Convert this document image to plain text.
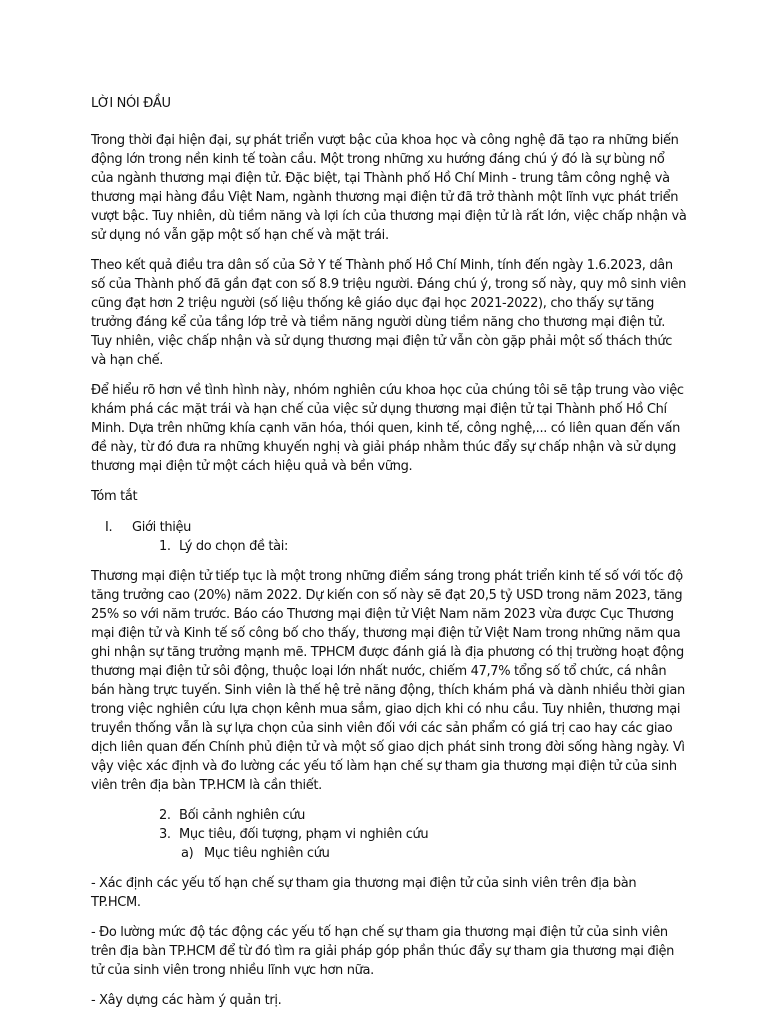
LỜI NÓI ĐẦU

Trong thời đại hiện đại, sự phát triển vượt bậc của khoa học và công nghệ đã tạo ra những biến động lớn trong nền kinh tế toàn cầu. Một trong những xu hướng đáng chú ý đó là sự bùng nổ của ngành thương mại điện tử. Đặc biệt, tại Thành phố Hồ Chí Minh - trung tâm công nghệ và thương mại hàng đầu Việt Nam, ngành thương mại điện tử đã trở thành một lĩnh vực phát triển vượt bậc. Tuy nhiên, dù tiềm năng và lợi ích của thương mại điện tử là rất lớn, việc chấp nhận và sử dụng nó vẫn gặp một số hạn chế và mặt trái.

Theo kết quả điều tra dân số của Sở Y tế Thành phố Hồ Chí Minh, tính đến ngày 1.6.2023, dân số của Thành phố đã gần đạt con số 8.9 triệu người. Đáng chú ý, trong số này, quy mô sinh viên cũng đạt hơn 2 triệu người (số liệu thống kê giáo dục đại học 2021-2022), cho thấy sự tăng trưởng đáng kể của tầng lớp trẻ và tiềm năng người dùng tiềm năng cho thương mại điện tử. Tuy nhiên, việc chấp nhận và sử dụng thương mại điện tử vẫn còn gặp phải một số thách thức và hạn chế.

Để hiểu rõ hơn về tình hình này, nhóm nghiên cứu khoa học của chúng tôi sẽ tập trung vào việc khám phá các mặt trái và hạn chế của việc sử dụng thương mại điện tử tại Thành phố Hồ Chí Minh. Dựa trên những khía cạnh văn hóa, thói quen, kinh tế, công nghệ,... có liên quan đến vấn đề này, từ đó đưa ra những khuyến nghị và giải pháp nhằm thúc đẩy sự chấp nhận và sử dụng thương mại điện tử một cách hiệu quả và bền vững.

Tóm tắt
I. Giới thiệu
1. Lý do chọn đề tài:

Thương mại điện tử tiếp tục là một trong những điểm sáng trong phát triển kinh tế số với tốc độ tăng trưởng cao (20%) năm 2022. Dự kiến con số này sẽ đạt 20,5 tỷ USD trong năm 2023, tăng 25% so với năm trước. Báo cáo Thương mại điện tử Việt Nam năm 2023 vừa được Cục Thương mại điện tử và Kinh tế số công bố cho thấy, thương mại điện tử Việt Nam trong những năm qua ghi nhận sự tăng trưởng mạnh mẽ. TPHCM được đánh giá là địa phương có thị trường hoạt động thương mại điện tử sôi động, thuộc loại lớn nhất nước, chiếm 47,7% tổng số tổ chức, cá nhân bán hàng trực tuyến. Sinh viên là thế hệ trẻ năng động, thích khám phá và dành nhiều thời gian trong việc nghiên cứu lựa chọn kênh mua sắm, giao dịch khi có nhu cầu. Tuy nhiên, thương mại truyền thống vẫn là sự lựa chọn của sinh viên đối với các sản phẩm có giá trị cao hay các giao dịch liên quan đến Chính phủ điện tử và một số giao dịch phát sinh trong đời sống hàng ngày. Vì vậy việc xác định và đo lường các yếu tố làm hạn chế sự tham gia thương mại điện tử của sinh viên trên địa bàn TP.HCM là cần thiết.

2. Bối cảnh nghiên cứu
3. Mục tiêu, đối tượng, phạm vi nghiên cứu
a) Mục tiêu nghiên cứu

- Xác định các yếu tố hạn chế sự tham gia thương mại điện tử của sinh viên trên địa bàn TP.HCM.

- Đo lường mức độ tác động các yếu tố hạn chế sự tham gia thương mại điện tử của sinh viên trên địa bàn TP.HCM để từ đó tìm ra giải pháp góp phần thúc đẩy sự tham gia thương mại điện tử của sinh viên trong nhiều lĩnh vực hơn nữa.

- Xây dựng các hàm ý quản trị.
